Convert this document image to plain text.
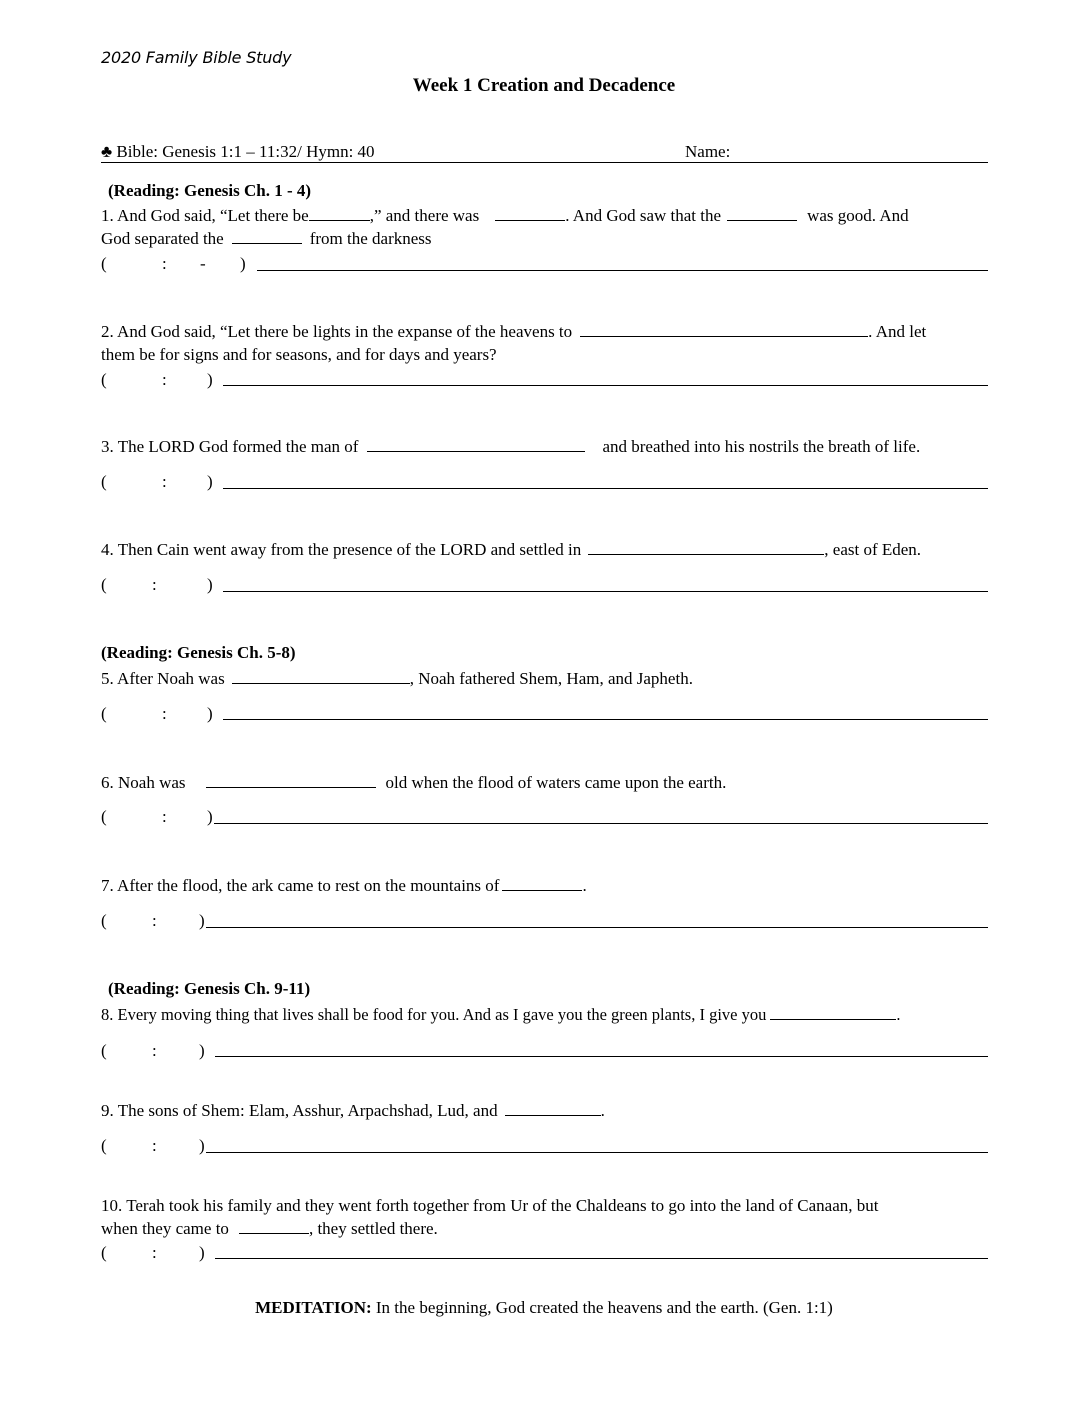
2020 Family Bible Study
Week 1 Creation and Decadence
♣ Bible: Genesis 1:1 – 11:32/ Hymn: 40	Name:
(Reading: Genesis Ch. 1 - 4)
1. And God said, “Let there be	,” and there was	. And God saw that the	was good. And
God separated the	from the darkness
(	: - )
2. And God said, “Let there be lights in the expanse of the heavens to	. And let
them be for signs and for seasons, and for days and years?
(	: )
3. The LORD God formed the man of	and breathed into his nostrils the breath of life.
(	: )
4. Then Cain went away from the presence of the LORD and settled in	, east of Eden.
(	:	)
(Reading: Genesis Ch. 5-8)
5. After Noah was	, Noah fathered Shem, Ham, and Japheth.
(	: )
6. Noah was	old when the flood of waters came upon the earth.
(	: )
7. After the flood, the ark came to rest on the mountains of	.
(	: )
(Reading: Genesis Ch. 9-11)
8. Every moving thing that lives shall be food for you. And as I gave you the green plants, I give you	.
(	: )
9. The sons of Shem: Elam, Asshur, Arpachshad, Lud, and	.
(	: )
10. Terah took his family and they went forth together from Ur of the Chaldeans to go into the land of Canaan, but
when they came to	, they settled there.
(	: )
MEDITATION: In the beginning, God created the heavens and the earth. (Gen. 1:1)
